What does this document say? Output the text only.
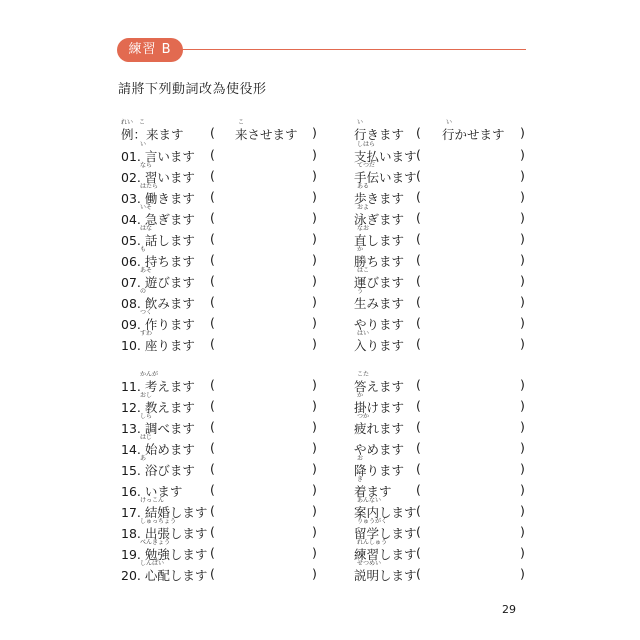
練習 B
請將下列動詞改為使役形
例：来ます ( 来させます )	行きます ( 行かせます )
れい　こ	い
こ	い
01. 言います (	)	支払います (	)
い	しはら
02. 習います (	)	手伝います (	)
なら	てつだ
03. 働きます (	)	歩きます (	)
はたら	ある
04. 急ぎます (	)	泳ぎます (	)
いそ	およ
05. 話します (	)	直します (	)
はな	なお
06. 持ちます (	)	勝ちます (	)
も	か
07. 遊びます (	)	運びます (	)
あそ	はこ
08. 飲みます (	)	生みます (	)
の	う
09. 作ります (	)	やります (	)
つく
10. 座ります (	)	入ります (	)
すわ	はい
11. 考えます (	)	答えます (	)
かんが	こた
12. 教えます (	)	掛けます (	)
おし	か
13. 調べます (	)	疲れます (	)
しら	つか
14. 始めます (	)	やめます (	)
はじ
15. 浴びます (	)	降ります (	)
あ	お
16. います (	)	着ます (	)
き
17. 結婚します (	)	案内します (	)
けっこん	あんない
18. 出張します (	)	留学します (	)
しゅっちょう	りゅうがく
19. 勉強します (	)	練習します (	)
べんきょう	れんしゅう
20. 心配します (	)	説明します (	)
しんぱい	せつめい
29
